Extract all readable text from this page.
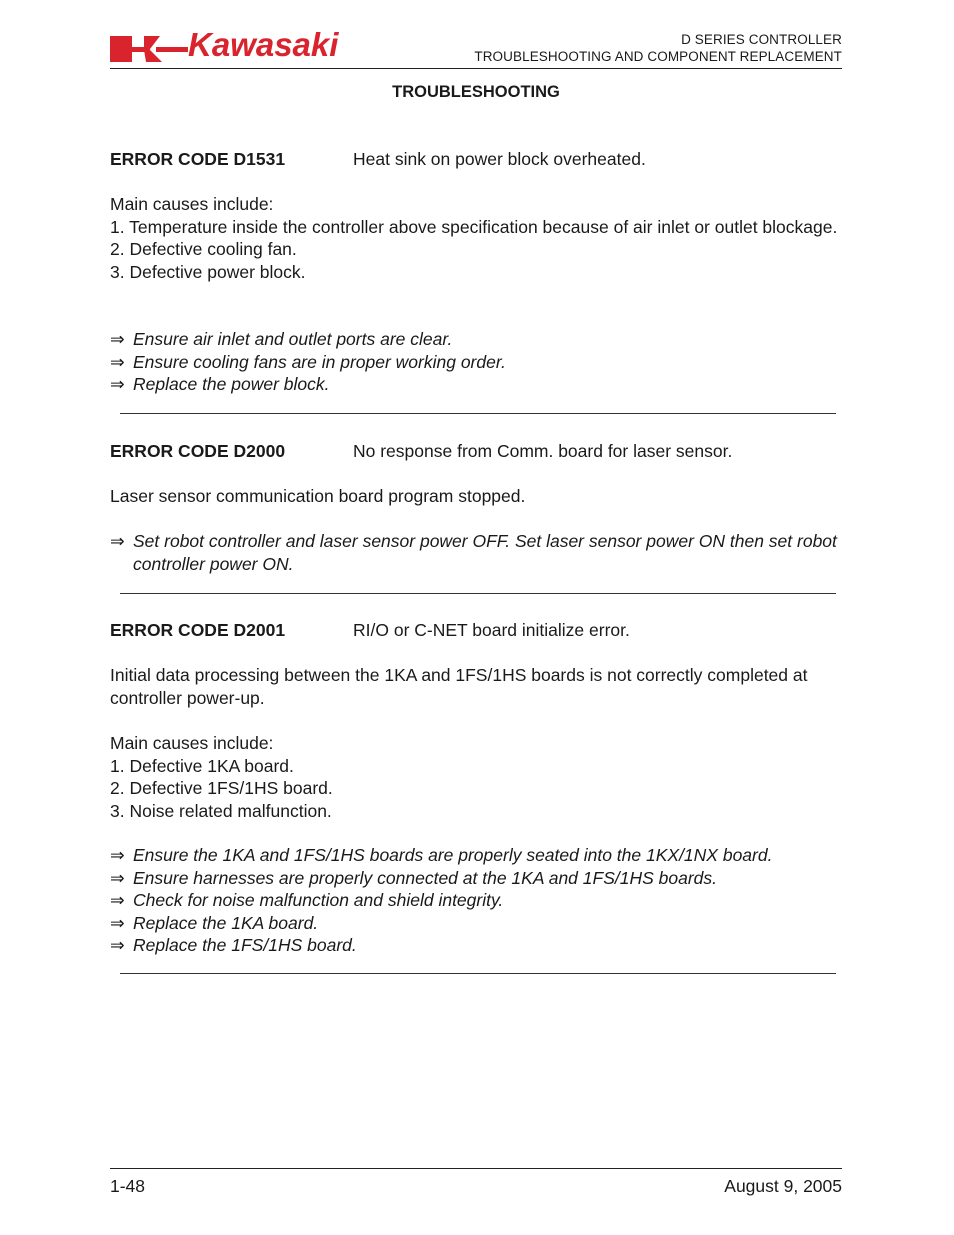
Kawasaki	D SERIES CONTROLLER
TROUBLESHOOTING AND COMPONENT REPLACEMENT
TROUBLESHOOTING
ERROR CODE D1531	Heat sink on power block overheated.
Main causes include:
1. Temperature inside the controller above specification because of air inlet or outlet blockage.
2. Defective cooling fan.
3. Defective power block.
⇒ Ensure air inlet and outlet ports are clear.
⇒ Ensure cooling fans are in proper working order.
⇒ Replace the power block.
ERROR CODE D2000	No response from Comm. board for laser sensor.
Laser sensor communication board program stopped.
⇒ Set robot controller and laser sensor power OFF. Set laser sensor power ON then set robot controller power ON.
ERROR CODE D2001	RI/O or C-NET board initialize error.
Initial data processing between the 1KA and 1FS/1HS boards is not correctly completed at controller power-up.
Main causes include:
1. Defective 1KA board.
2. Defective 1FS/1HS board.
3. Noise related malfunction.
⇒ Ensure the 1KA and 1FS/1HS boards are properly seated into the 1KX/1NX board.
⇒ Ensure harnesses are properly connected at the 1KA and 1FS/1HS boards.
⇒ Check for noise malfunction and shield integrity.
⇒ Replace the 1KA board.
⇒ Replace the 1FS/1HS board.
1-48	August 9, 2005
